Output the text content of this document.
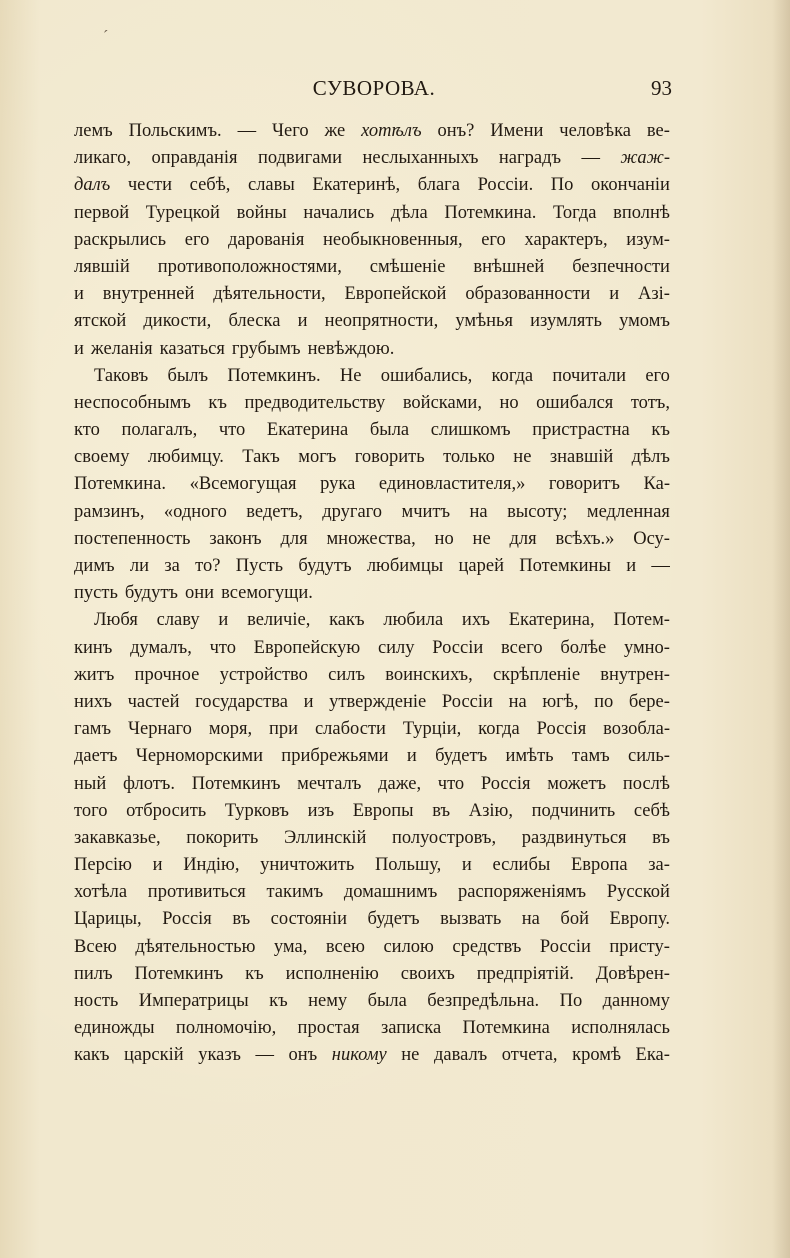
ˊ
СУВОРОВА.	93
лемъ Польскимъ. — Чего же хотѣлъ онъ? Имени человѣка ве-
ликаго, оправданія подвигами неслыханныхъ наградъ — жаж-
далъ чести себѣ, славы Екатеринѣ, блага Россіи. По окончаніи
первой Турецкой войны начались дѣла Потемкина. Тогда вполнѣ
раскрылись его дарованія необыкновенныя, его характеръ, изум-
лявшій противоположностями, смѣшеніе внѣшней безпечности
и внутренней дѣятельности, Европейской образованности и Азі-
ятской дикости, блеска и неопрятности, умѣнья изумлять умомъ
и желанія казаться грубымъ невѣждою.
Таковъ былъ Потемкинъ. Не ошибались, когда почитали его
неспособнымъ къ предводительству войсками, но ошибался тотъ,
кто полагалъ, что Екатерина была слишкомъ пристрастна къ
своему любимцу. Такъ могъ говорить только не знавшій дѣлъ
Потемкина. «Всемогущая рука единовластителя,» говоритъ Ка-
рамзинъ, «одного ведетъ, другаго мчитъ на высоту; медленная
постепенность законъ для множества, но не для всѣхъ.» Осу-
димъ ли за то? Пусть будутъ любимцы царей Потемкины и —
пусть будутъ они всемогущи.
Любя славу и величіе, какъ любила ихъ Екатерина, Потем-
кинъ думалъ, что Европейскую силу Россіи всего болѣе умно-
житъ прочное устройство силъ воинскихъ, скрѣпленіе внутрен-
нихъ частей государства и утвержденіе Россіи на югѣ, по бере-
гамъ Чернаго моря, при слабости Турціи, когда Россія возобла-
даетъ Черноморскими прибрежьями и будетъ имѣть тамъ силь-
ный флотъ. Потемкинъ мечталъ даже, что Россія можетъ послѣ
того отбросить Турковъ изъ Европы въ Азію, подчинить себѣ
закавказье, покорить Эллинскій полуостровъ, раздвинуться въ
Персію и Индію, уничтожить Польшу, и еслибы Европа за-
хотѣла противиться такимъ домашнимъ распоряженіямъ Русской
Царицы, Россія въ состояніи будетъ вызвать на бой Европу.
Всею дѣятельностью ума, всею силою средствъ Россіи присту-
пилъ Потемкинъ къ исполненію своихъ предпріятій. Довѣрен-
ность Императрицы къ нему была безпредѣльна. По данному
единожды полномочію, простая записка Потемкина исполнялась
какъ царскій указъ — онъ никому не давалъ отчета, кромѣ Ека-
